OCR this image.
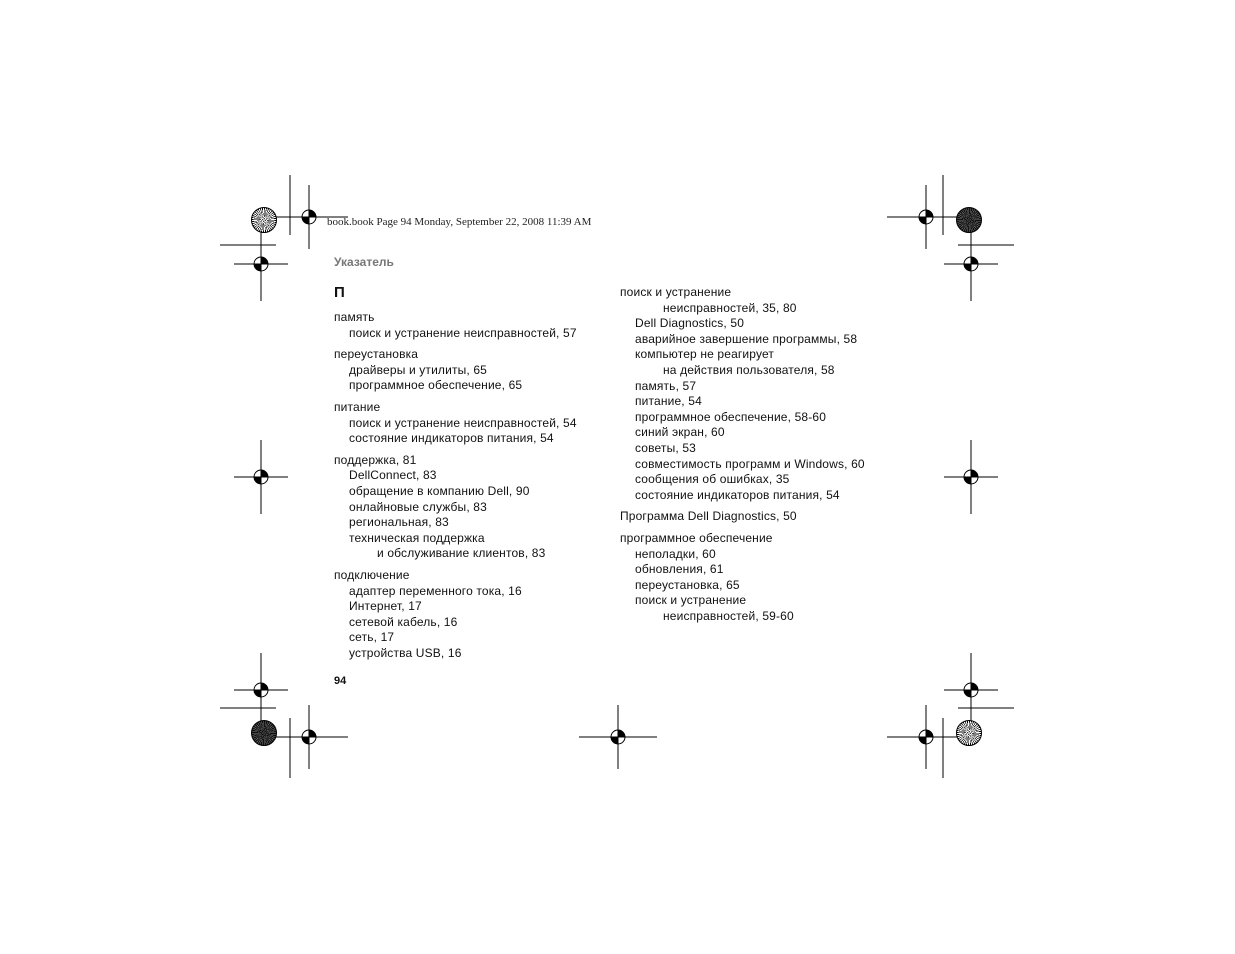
book.book Page 94 Monday, September 22, 2008 11:39 AM
Указатель
П
память
поиск и устранение неисправностей, 57
переустановка
драйверы и утилиты, 65
программное обеспечение, 65
питание
поиск и устранение неисправностей, 54
состояние индикаторов питания, 54
поддержка, 81
DellConnect, 83
обращение в компанию Dell, 90
онлайновые службы, 83
региональная, 83
техническая поддержка
и обслуживание клиентов, 83
подключение
адаптер переменного тока, 16
Интернет, 17
сетевой кабель, 16
сеть, 17
устройства USB, 16
поиск и устранение
неисправностей, 35, 80
Dell Diagnostics, 50
аварийное завершение программы, 58
компьютер не реагирует
на действия пользователя, 58
память, 57
питание, 54
программное обеспечение, 58-60
синий экран, 60
советы, 53
совместимость программ и Windows, 60
сообщения об ошибках, 35
состояние индикаторов питания, 54
Программа Dell Diagnostics, 50
программное обеспечение
неполадки, 60
обновления, 61
переустановка, 65
поиск и устранение
неисправностей, 59-60
94
